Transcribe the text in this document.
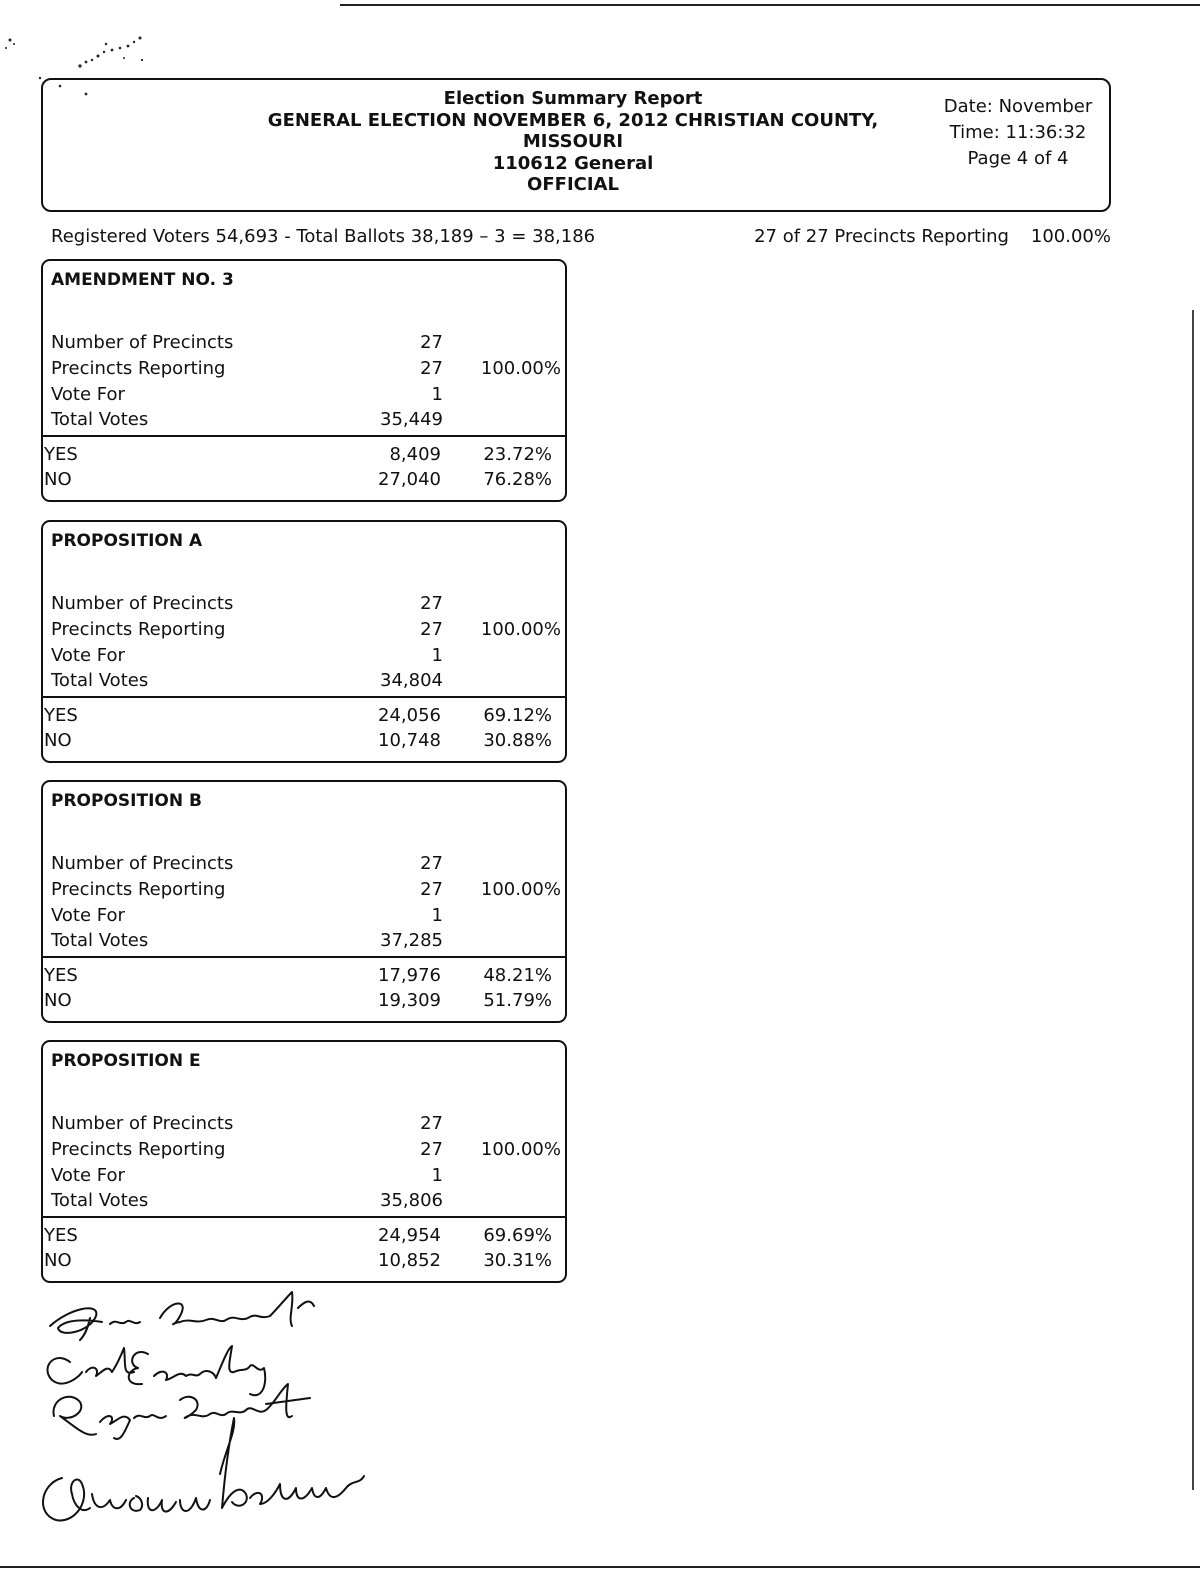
Election Summary Report
GENERAL ELECTION NOVEMBER 6, 2012 CHRISTIAN COUNTY,
MISSOURI
110612 General
OFFICIAL
Date: November
Time: 11:36:32
Page 4 of 4
Registered Voters 54,693 - Total Ballots 38,189 – 3 = 38,186	27 of 27 Precincts Reporting 100.00%
AMENDMENT NO. 3
Number of Precincts	27
Precincts Reporting	27 100.00%
Vote For	1
Total Votes	35,449
YES	8,409 23.72%
NO	27,040 76.28%
PROPOSITION A
Number of Precincts	27
Precincts Reporting	27 100.00%
Vote For	1
Total Votes	34,804
YES	24,056 69.12%
NO	10,748 30.88%
PROPOSITION B
Number of Precincts	27
Precincts Reporting	27 100.00%
Vote For	1
Total Votes	37,285
YES	17,976 48.21%
NO	19,309 51.79%
PROPOSITION E
Number of Precincts	27
Precincts Reporting	27 100.00%
Vote For	1
Total Votes	35,806
YES	24,954 69.69%
NO	10,852 30.31%
